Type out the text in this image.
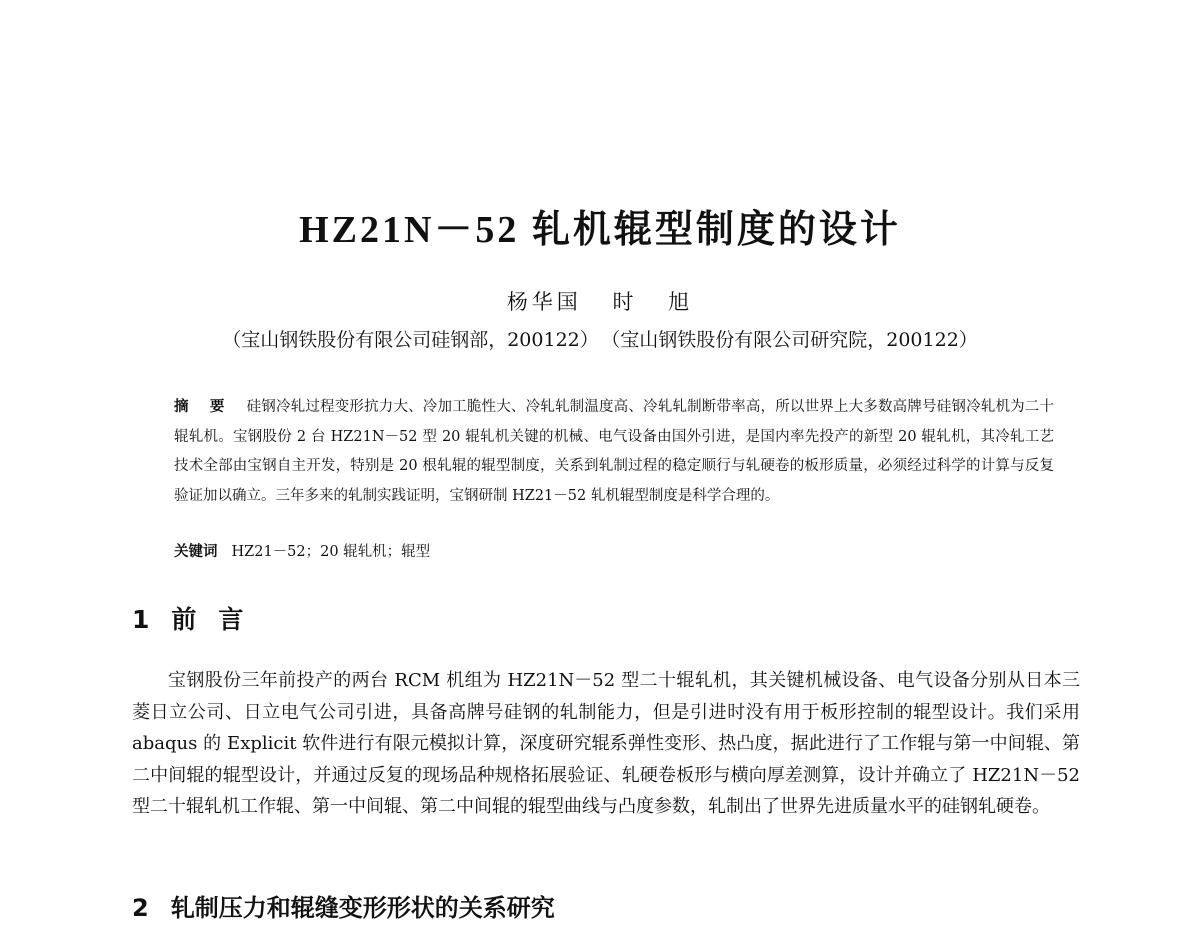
HZ21N－52 轧机辊型制度的设计
杨华国 时 旭
（宝山钢铁股份有限公司硅钢部，200122） （宝山钢铁股份有限公司研究院，200122）
摘 要 硅钢冷轧过程变形抗力大、冷加工脆性大、冷轧轧制温度高、冷轧轧制断带率高，所以世界上大多数高牌号硅钢冷轧机为二十辊轧机。宝钢股份 2 台 HZ21N－52 型 20 辊轧机关键的机械、电气设备由国外引进，是国内率先投产的新型 20 辊轧机，其冷轧工艺技术全部由宝钢自主开发，特别是 20 根轧辊的辊型制度，关系到轧制过程的稳定顺行与轧硬卷的板形质量，必须经过科学的计算与反复验证加以确立。三年多来的轧制实践证明，宝钢研制 HZ21－52 轧机辊型制度是科学合理的。
关键词 HZ21－52；20 辊轧机；辊型
1 前言
宝钢股份三年前投产的两台 RCM 机组为 HZ21N－52 型二十辊轧机，其关键机械设备、电气设备分别从日本三菱日立公司、日立电气公司引进，具备高牌号硅钢的轧制能力，但是引进时没有用于板形控制的辊型设计。我们采用 abaqus 的 Explicit 软件进行有限元模拟计算，深度研究辊系弹性变形、热凸度，据此进行了工作辊与第一中间辊、第二中间辊的辊型设计，并通过反复的现场品种规格拓展验证、轧硬卷板形与横向厚差测算，设计并确立了 HZ21N－52 型二十辊轧机工作辊、第一中间辊、第二中间辊的辊型曲线与凸度参数，轧制出了世界先进质量水平的硅钢轧硬卷。
2 轧制压力和辊缝变形形状的关系研究
